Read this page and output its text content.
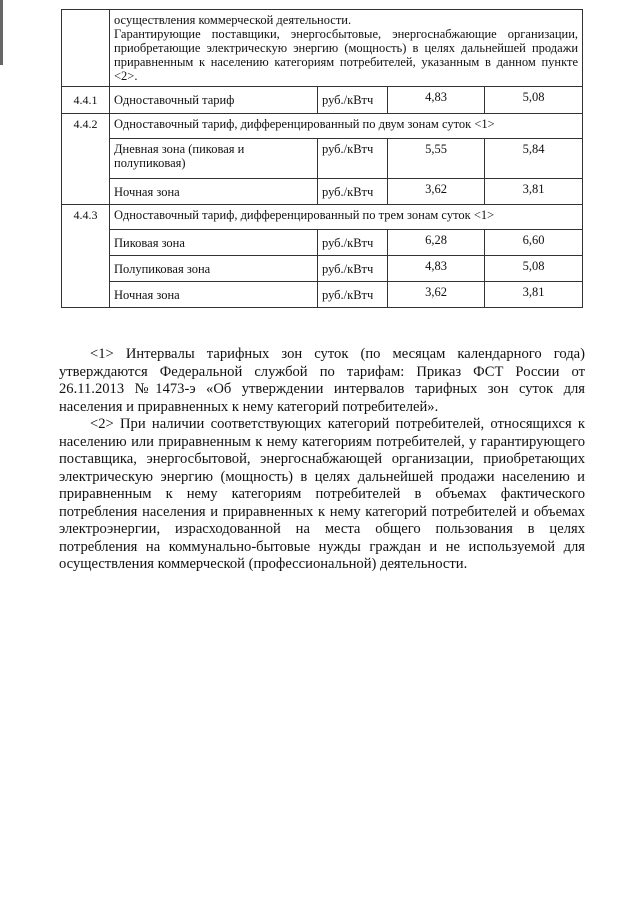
	осуществления коммерческой деятельности.
Гарантирующие поставщики, энергосбытовые, энергоснабжающие организации, приобретающие электрическую энергию (мощность) в целях дальнейшей продажи приравненным к населению категориям потребителей, указанным в данном пункте <2>.			

4.4.1	Одноставочный тариф	руб./кВтч	4,83	5,08
4.4.2	Одноставочный тариф, дифференцированный по двум зонам суток <1>			
	Дневная зона (пиковая и полупиковая)	руб./кВтч	5,55	5,84
	Ночная зона	руб./кВтч	3,62	3,81
4.4.3	Одноставочный тариф, дифференцированный по трем зонам суток <1>			
	Пиковая зона	руб./кВтч	6,28	6,60
	Полупиковая зона	руб./кВтч	4,83	5,08
	Ночная зона	руб./кВтч	3,62	3,81

<1> Интервалы тарифных зон суток (по месяцам календарного года) утверждаются Федеральной службой по тарифам: Приказ ФСТ России от 26.11.2013 №1473-э «Об утверждении интервалов тарифных зон суток для населения и приравненных к нему категорий потребителей».

<2> При наличии соответствующих категорий потребителей, относящихся к населению или приравненным к нему категориям потребителей, у гарантирующего поставщика, энергосбытовой, энергоснабжающей организации, приобретающих электрическую энергию (мощность) в целях дальнейшей продажи населению и приравненным к нему категориям потребителей в объемах фактического потребления населения и приравненных к нему категорий потребителей и объемах электроэнергии, израсходованной на места общего пользования в целях потребления на коммунально-бытовые нужды граждан и не используемой для осуществления коммерческой (профессиональной) деятельности.
